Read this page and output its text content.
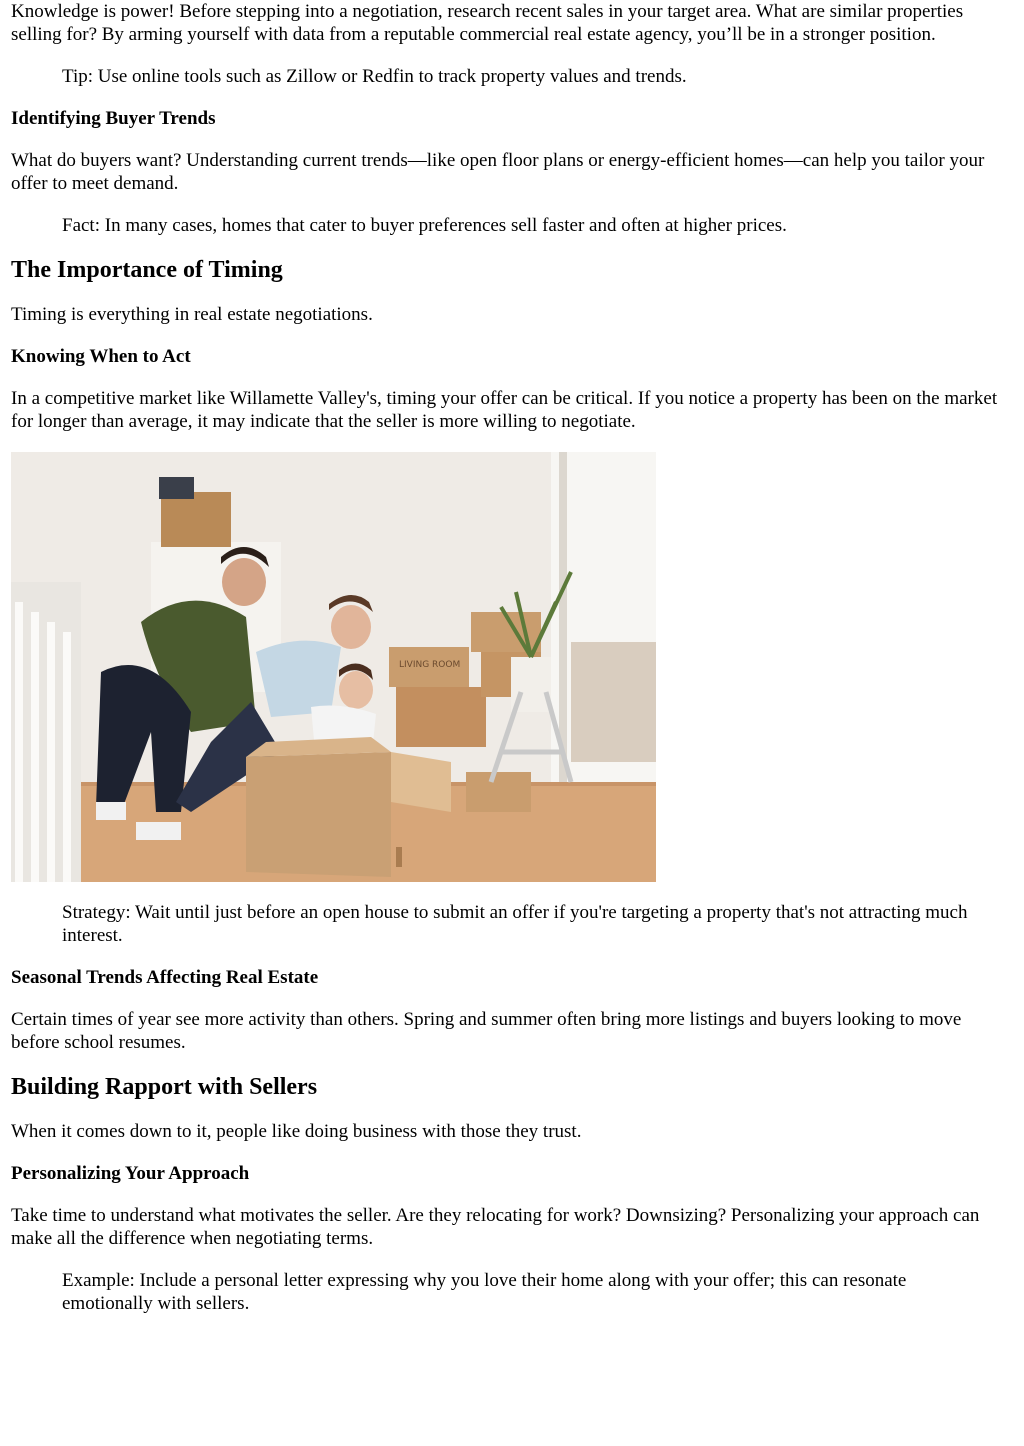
Knowledge is power! Before stepping into a negotiation, research recent sales in your target area. What are similar properties selling for? By arming yourself with data from a reputable commercial real estate agency, you’ll be in a stronger position.

Tip: Use online tools such as Zillow or Redfin to track property values and trends.

Identifying Buyer Trends

What do buyers want? Understanding current trends—like open floor plans or energy-efficient homes—can help you tailor your offer to meet demand.

Fact: In many cases, homes that cater to buyer preferences sell faster and often at higher prices.

The Importance of Timing

Timing is everything in real estate negotiations.

Knowing When to Act

In a competitive market like Willamette Valley's, timing your offer can be critical. If you notice a property has been on the market for longer than average, it may indicate that the seller is more willing to negotiate.

LIVING ROOM

Strategy: Wait until just before an open house to submit an offer if you're targeting a property that's not attracting much interest.

Seasonal Trends Affecting Real Estate

Certain times of year see more activity than others. Spring and summer often bring more listings and buyers looking to move before school resumes.

Building Rapport with Sellers

When it comes down to it, people like doing business with those they trust.

Personalizing Your Approach

Take time to understand what motivates the seller. Are they relocating for work? Downsizing? Personalizing your approach can make all the difference when negotiating terms.

Example: Include a personal letter expressing why you love their home along with your offer; this can resonate emotionally with sellers.
